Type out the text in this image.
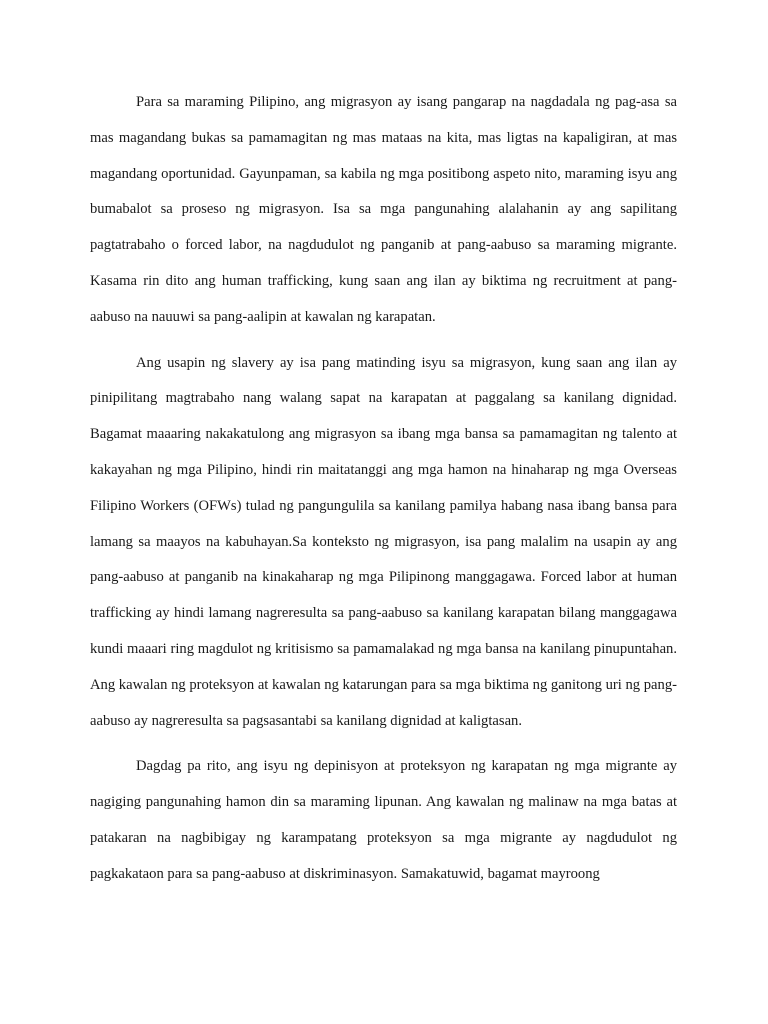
Para sa maraming Pilipino, ang migrasyon ay isang pangarap na nagdadala ng pag-asa sa mas magandang bukas sa pamamagitan ng mas mataas na kita, mas ligtas na kapaligiran, at mas magandang oportunidad. Gayunpaman, sa kabila ng mga positibong aspeto nito, maraming isyu ang bumabalot sa proseso ng migrasyon. Isa sa mga pangunahing alalahanin ay ang sapilitang pagtatrabaho o forced labor, na nagdudulot ng panganib at pang-aabuso sa maraming migrante. Kasama rin dito ang human trafficking, kung saan ang ilan ay biktima ng recruitment at pang-aabuso na nauuwi sa pang-aalipin at kawalan ng karapatan.

Ang usapin ng slavery ay isa pang matinding isyu sa migrasyon, kung saan ang ilan ay pinipilitang magtrabaho nang walang sapat na karapatan at paggalang sa kanilang dignidad. Bagamat maaaring nakakatulong ang migrasyon sa ibang mga bansa sa pamamagitan ng talento at kakayahan ng mga Pilipino, hindi rin maitatanggi ang mga hamon na hinaharap ng mga Overseas Filipino Workers (OFWs) tulad ng pangungulila sa kanilang pamilya habang nasa ibang bansa para lamang sa maayos na kabuhayan.Sa konteksto ng migrasyon, isa pang malalim na usapin ay ang pang-aabuso at panganib na kinakaharap ng mga Pilipinong manggagawa. Forced labor at human trafficking ay hindi lamang nagreresulta sa pang-aabuso sa kanilang karapatan bilang manggagawa kundi maaari ring magdulot ng kritisismo sa pamamalakad ng mga bansa na kanilang pinupuntahan. Ang kawalan ng proteksyon at kawalan ng katarungan para sa mga biktima ng ganitong uri ng pang-aabuso ay nagreresulta sa pagsasantabi sa kanilang dignidad at kaligtasan.

Dagdag pa rito, ang isyu ng depinisyon at proteksyon ng karapatan ng mga migrante ay nagiging pangunahing hamon din sa maraming lipunan. Ang kawalan ng malinaw na mga batas at patakaran na nagbibigay ng karampatang proteksyon sa mga migrante ay nagdudulot ng pagkakataon para sa pang-aabuso at diskriminasyon. Samakatuwid, bagamat mayroong
